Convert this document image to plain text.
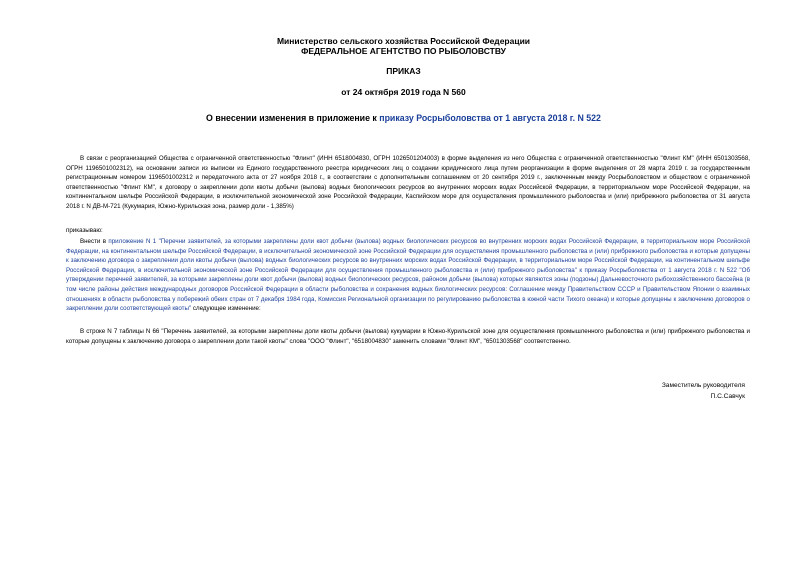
Министерство сельского хозяйства Российской Федерации
ФЕДЕРАЛЬНОЕ АГЕНТСТВО ПО РЫБОЛОВСТВУ
ПРИКАЗ
от 24 октября 2019 года N 560
О внесении изменения в приложение к приказу Росрыболовства от 1 августа 2018 г. N 522
В связи с реорганизацией Общества с ограниченной ответственностью "Флинт" (ИНН 6518004830, ОГРН 1026501204003) в форме выделения из него Общества с ограниченной ответственностью "Флинт КМ" (ИНН 6501303568, ОГРН 1196501002312), на основании записи из выписки из Единого государственного реестра юридических лиц о создании юридического лица путем реорганизации в форме выделения от 28 марта 2019 г. за государственным регистрационным номером 1196501002312 и передаточного акта от 27 ноября 2018 г., в соответствии с дополнительным соглашением от 20 сентября 2019 г., заключенным между Росрыболовством и обществом с ограниченной ответственностью "Флинт КМ", к договору о закреплении доли квоты добычи (вылова) водных биологических ресурсов во внутренних морских водах Российской Федерации, в территориальном море Российской Федерации, на континентальном шельфе Российской Федерации, в исключительной экономической зоне Российской Федерации, Каспийском море для осуществления промышленного рыболовства и (или) прибрежного рыболовства от 31 августа 2018 г. N ДВ-М-721 (Кукумария, Южно-Курильская зона, размер доли - 1,385%)
приказываю:
Внести в приложение N 1 "Перечни заявителей, за которыми закреплены доли квот добычи (вылова) водных биологических ресурсов во внутренних морских водах Российской Федерации, в территориальном море Российской Федерации, на континентальном шельфе Российской Федерации, в исключительной экономической зоне Российской Федерации для осуществления промышленного рыболовства и (или) прибрежного рыболовства и которые допущены к заключению договора о закреплении доли квоты добычи (вылова) водных биологических ресурсов во внутренних морских водах Российской Федерации, в территориальном море Российской Федерации, на континентальном шельфе Российской Федерации, в исключительной экономической зоне Российской Федерации для осуществления промышленного рыболовства и (или) прибрежного рыболовства" к приказу Росрыболовства от 1 августа 2018 г. N 522 "Об утверждении перечней заявителей, за которыми закреплены доли квот добычи (вылова) водных биологических ресурсов, районом добычи (вылова) которых являются зоны (подзоны) Дальневосточного рыбохозяйственного бассейна (в том числе районы действия международных договоров Российской Федерации в области рыболовства и сохранения водных биологических ресурсов: Соглашение между Правительством СССР и Правительством Японии о взаимных отношениях в области рыболовства у побережий обеих стран от 7 декабря 1984 года, Комиссия Региональной организации по регулированию рыболовства в южной части Тихого океана) и которые допущены к заключению договоров о закреплении доли соответствующей квоты" следующее изменение:
В строке N 7 таблицы N 66 "Перечень заявителей, за которыми закреплены доли квоты добычи (вылова) кукумарии в Южно-Курильской зоне для осуществления промышленного рыболовства и (или) прибрежного рыболовства и которые допущены к заключению договора о закреплении доли такой квоты" слова "ООО "Флинт", "6518004830" заменить словами "Флинт КМ", "6501303568" соответственно.
Заместитель руководителя
П.С.Савчук
